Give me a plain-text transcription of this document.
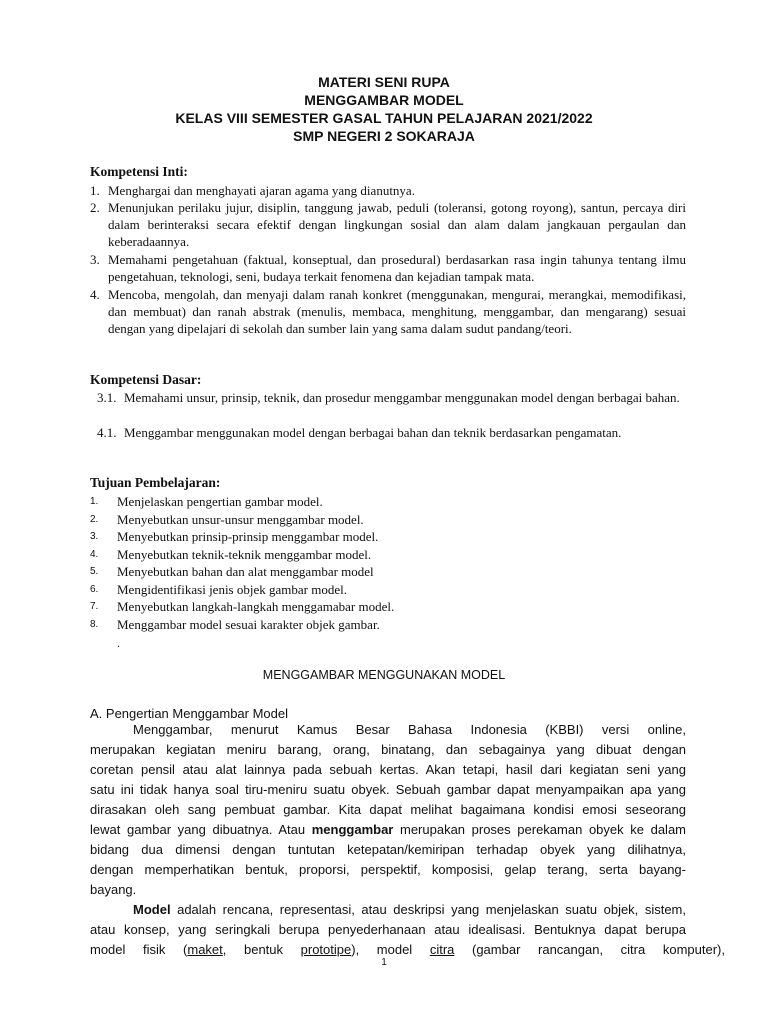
MATERI SENI RUPA
MENGGAMBAR MODEL
KELAS VIII SEMESTER GASAL TAHUN PELAJARAN 2021/2022
SMP NEGERI 2 SOKARAJA
Kompetensi Inti:
1. Menghargai dan menghayati ajaran agama yang dianutnya.
2. Menunjukan perilaku jujur, disiplin, tanggung jawab, peduli (toleransi, gotong royong), santun, percaya diri dalam berinteraksi secara efektif dengan lingkungan sosial dan alam dalam jangkauan pergaulan dan keberadaannya.
3. Memahami pengetahuan (faktual, konseptual, dan prosedural) berdasarkan rasa ingin tahunya tentang ilmu pengetahuan, teknologi, seni, budaya terkait fenomena dan kejadian tampak mata.
4. Mencoba, mengolah, dan menyaji dalam ranah konkret (menggunakan, mengurai, merangkai, memodifikasi, dan membuat) dan ranah abstrak (menulis, membaca, menghitung, menggambar, dan mengarang) sesuai dengan yang dipelajari di sekolah dan sumber lain yang sama dalam sudut pandang/teori.
Kompetensi Dasar:
3.1. Memahami unsur, prinsip, teknik, dan prosedur menggambar menggunakan model dengan berbagai bahan.
4.1. Menggambar menggunakan model dengan berbagai bahan dan teknik berdasarkan pengamatan.
Tujuan Pembelajaran:
1. Menjelaskan pengertian gambar model.
2. Menyebutkan unsur-unsur menggambar model.
3. Menyebutkan prinsip-prinsip menggambar model.
4. Menyebutkan teknik-teknik menggambar model.
5. Menyebutkan bahan dan alat menggambar model
6. Mengidentifikasi jenis objek gambar model.
7. Menyebutkan langkah-langkah menggamabar model.
8. Menggambar model sesuai karakter objek gambar.
.
MENGGAMBAR MENGGUNAKAN MODEL
A. Pengertian Menggambar Model
Menggambar, menurut Kamus Besar Bahasa Indonesia (KBBI) versi online,
merupakan kegiatan meniru barang, orang, binatang, dan sebagainya yang dibuat dengan
coretan pensil atau alat lainnya pada sebuah kertas. Akan tetapi, hasil dari kegiatan seni yang
satu ini tidak hanya soal tiru-meniru suatu obyek. Sebuah gambar dapat menyampaikan apa yang
dirasakan oleh sang pembuat gambar. Kita dapat melihat bagaimana kondisi emosi seseorang
lewat gambar yang dibuatnya. Atau menggambar merupakan proses perekaman obyek ke dalam
bidang dua dimensi dengan tuntutan ketepatan/kemiripan terhadap obyek yang dilihatnya,
dengan memperhatikan bentuk, proporsi, perspektif, komposisi, gelap terang, serta bayang-
bayang.
Model adalah rencana, representasi, atau deskripsi yang menjelaskan suatu objek, sistem,
atau konsep, yang seringkali berupa penyederhanaan atau idealisasi. Bentuknya dapat berupa
model fisik (maket, bentuk prototipe), model citra (gambar rancangan, citra komputer),
1
